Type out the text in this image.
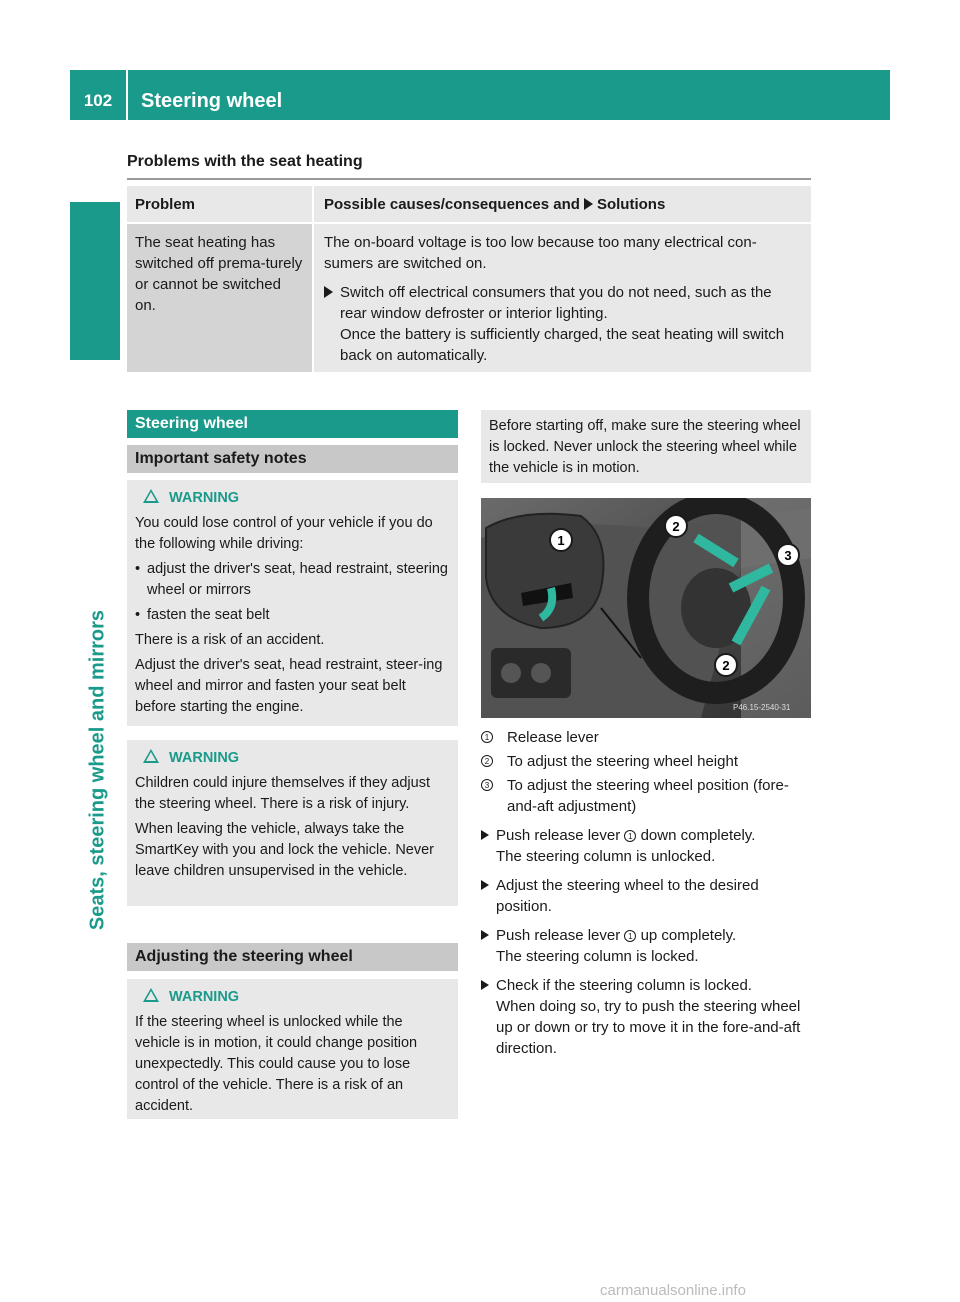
102	Steering wheel
Seats, steering wheel and mirrors
Problems with the seat heating
Problem	Possible causes/consequences and Solutions
The seat heating has switched off prema-turely or cannot be switched on.
The on-board voltage is too low because too many electrical con-sumers are switched on.
Switch off electrical consumers that you do not need, such as the rear window defroster or interior lighting.
Once the battery is sufficiently charged, the seat heating will switch back on automatically.
Steering wheel
Important safety notes
WARNING

You could lose control of your vehicle if you do the following while driving:

• adjust the driver's seat, head restraint, steering wheel or mirrors
• fasten the seat belt

There is a risk of an accident.

Adjust the driver's seat, head restraint, steer-ing wheel and mirror and fasten your seat belt before starting the engine.

WARNING

Children could injure themselves if they adjust the steering wheel. There is a risk of injury.

When leaving the vehicle, always take the SmartKey with you and lock the vehicle. Never leave children unsupervised in the vehicle.

Adjusting the steering wheel
WARNING

If the steering wheel is unlocked while the vehicle is in motion, it could change position unexpectedly. This could cause you to lose control of the vehicle. There is a risk of an accident.

Before starting off, make sure the steering wheel is locked. Never unlock the steering wheel while the vehicle is in motion.
1
2
3
2
P46.15-2540-31
1 Release lever
2 To adjust the steering wheel height
3 To adjust the steering wheel position (fore-and-aft adjustment)
Push release lever 1 down completely.
The steering column is unlocked.
Adjust the steering wheel to the desired position.
Push release lever 1 up completely.
The steering column is locked.
Check if the steering column is locked.
When doing so, try to push the steering wheel up or down or try to move it in the fore-and-aft direction.
carmanualsonline.info
